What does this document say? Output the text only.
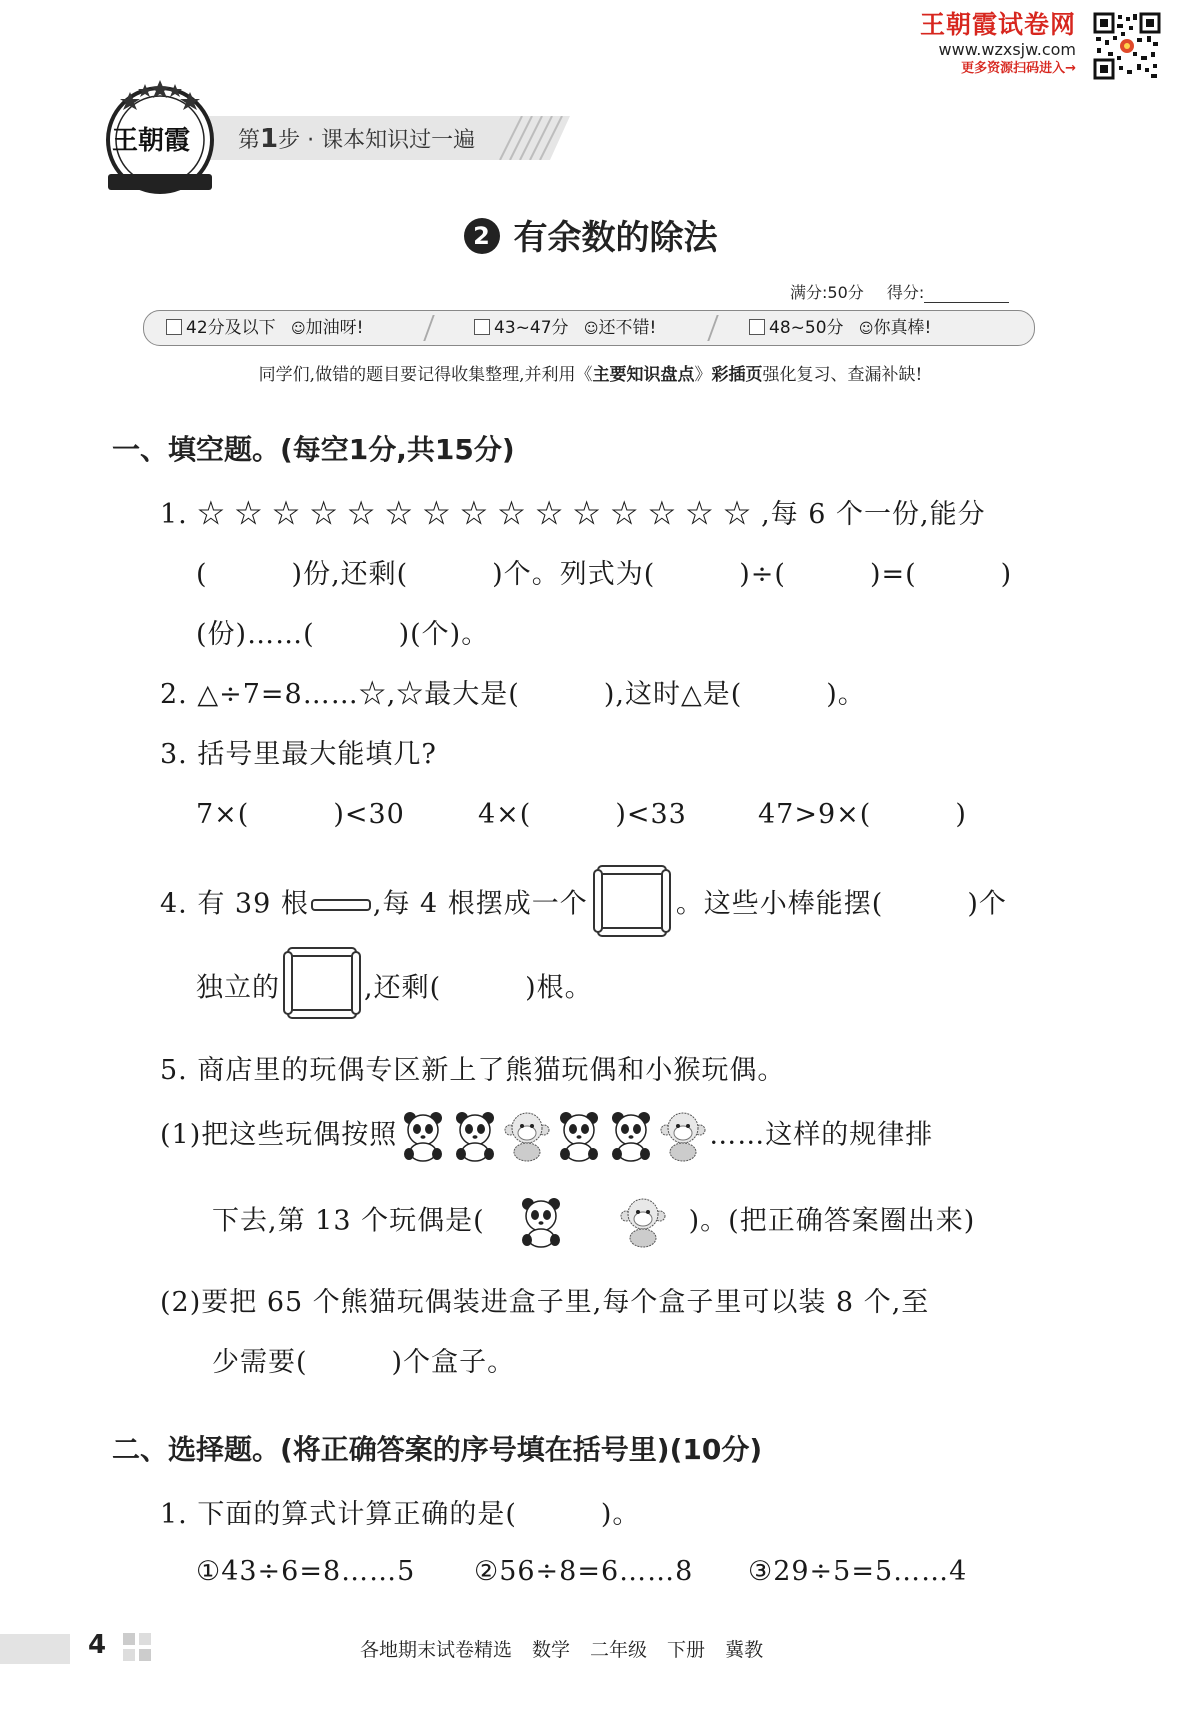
王朝霞试卷网
www.wzxsjw.com
更多资源扫码进入→
第1步 · 课本知识过一遍
王朝霞
2 有余数的除法
满分:50分 得分:
42分及以下 ☺加油呀!	43~47分 ☺还不错!	48~50分 ☺你真棒!
同学们,做错的题目要记得收集整理,并利用《主要知识盘点》彩插页强化复习、查漏补缺!
一、填空题。(每空1分,共15分)
1. ☆ ☆ ☆ ☆ ☆ ☆ ☆ ☆ ☆ ☆ ☆ ☆ ☆ ☆ ☆ ,每 6 个一份,能分
(　　　)份,还剩(　　　)个。列式为(　　　)÷(　　　)=(　　　)
(份)……(　　　)(个)。
2. △÷7=8……☆,☆最大是(　　　),这时△是(　　　)。
3. 括号里最大能填几?
7×(　　　)<30	4×(　　　)<33	47>9×(　　　)
4. 有 39 根 ,每 4 根摆成一个	。这些小棒能摆(　　　)个
独立的	,还剩(　　　)根。
5. 商店里的玩偶专区新上了熊猫玩偶和小猴玩偶。
(1)把这些玩偶按照	……这样的规律排
下去,第 13 个玩偶是(	)。(把正确答案圈出来)
(2)要把 65 个熊猫玩偶装进盒子里,每个盒子里可以装 8 个,至
少需要(　　　)个盒子。
二、选择题。(将正确答案的序号填在括号里)(10分)
1. 下面的算式计算正确的是(　　　)。
①43÷6=8……5 ②56÷8=6……8 ③29÷5=5……4
4	各地期末试卷精选 数学 二年级 下册 冀教
